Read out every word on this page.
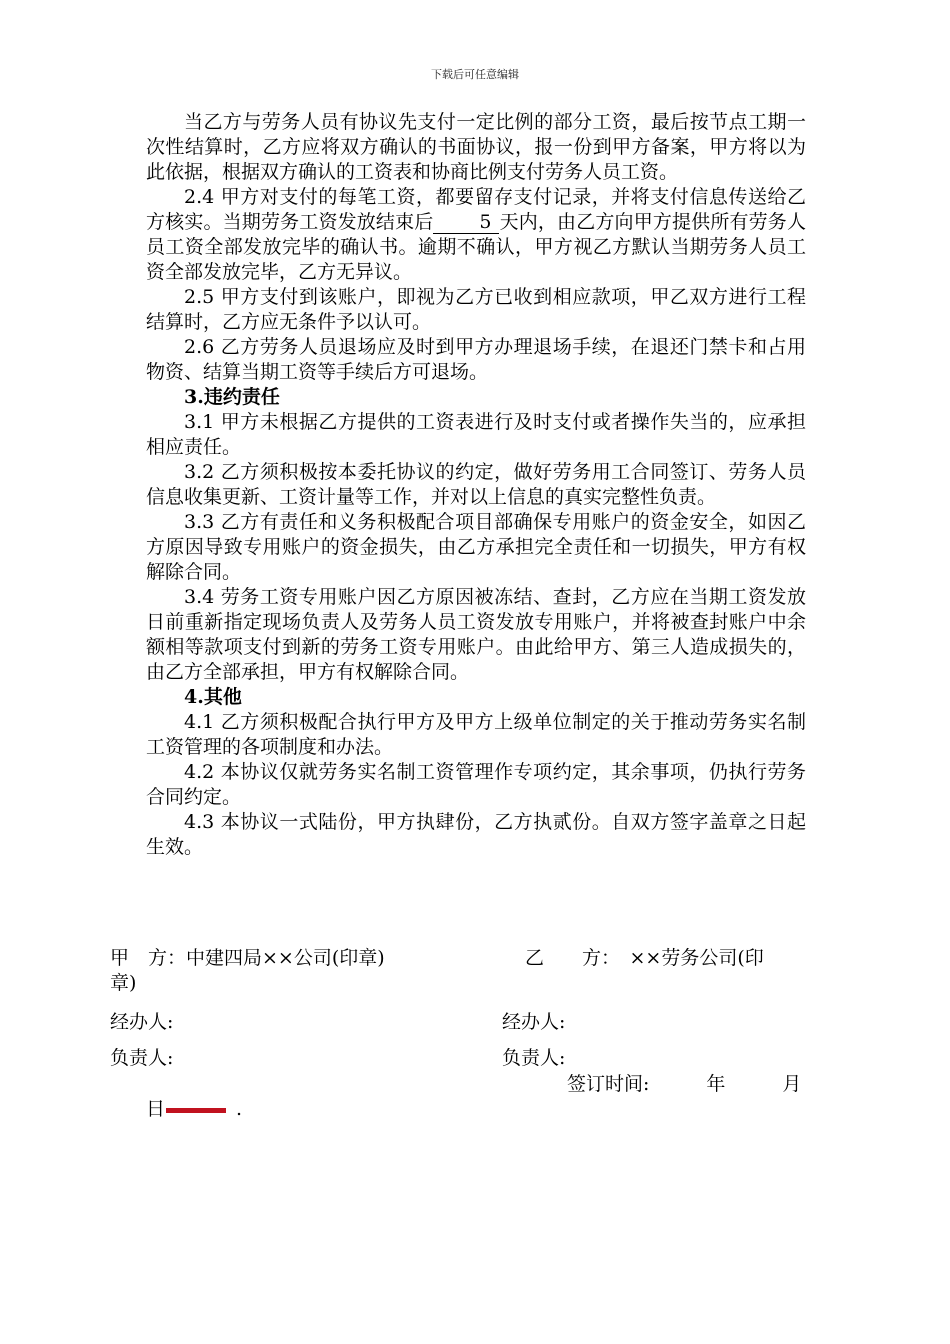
下载后可任意编辑

当乙方与劳务人员有协议先支付一定比例的部分工资，最后按节点工期一次性结算时，乙方应将双方确认的书面协议，报一份到甲方备案，甲方将以为此依据，根据双方确认的工资表和协商比例支付劳务人员工资。

2.4 甲方对支付的每笔工资，都要留存支付记录，并将支付信息传送给乙方核实。当期劳务工资发放结束后 5 天内，由乙方向甲方提供所有劳务人员工资全部发放完毕的确认书。逾期不确认，甲方视乙方默认当期劳务人员工资全部发放完毕，乙方无异议。

2.5 甲方支付到该账户，即视为乙方已收到相应款项，甲乙双方进行工程结算时，乙方应无条件予以认可。

2.6 乙方劳务人员退场应及时到甲方办理退场手续，在退还门禁卡和占用物资、结算当期工资等手续后方可退场。

3.违约责任

3.1 甲方未根据乙方提供的工资表进行及时支付或者操作失当的，应承担相应责任。

3.2 乙方须积极按本委托协议的约定，做好劳务用工合同签订、劳务人员信息收集更新、工资计量等工作，并对以上信息的真实完整性负责。

3.3 乙方有责任和义务积极配合项目部确保专用账户的资金安全，如因乙方原因导致专用账户的资金损失，由乙方承担完全责任和一切损失，甲方有权解除合同。

3.4 劳务工资专用账户因乙方原因被冻结、查封，乙方应在当期工资发放日前重新指定现场负责人及劳务人员工资发放专用账户，并将被查封账户中余额相等款项支付到新的劳务工资专用账户。由此给甲方、第三人造成损失的，由乙方全部承担，甲方有权解除合同。

4.其他

4.1 乙方须积极配合执行甲方及甲方上级单位制定的关于推动劳务实名制工资管理的各项制度和办法。

4.2 本协议仅就劳务实名制工资管理作专项约定，其余事项，仍执行劳务合同约定。

4.3 本协议一式陆份，甲方执肆份，乙方执贰份。自双方签字盖章之日起生效。

甲　方：中建四局××公司(印章)	乙　　方：　××劳务公司(印
章)
经办人:	经办人:
负责人:	负责人:
签订时间:　　　年　　　月
日	.
